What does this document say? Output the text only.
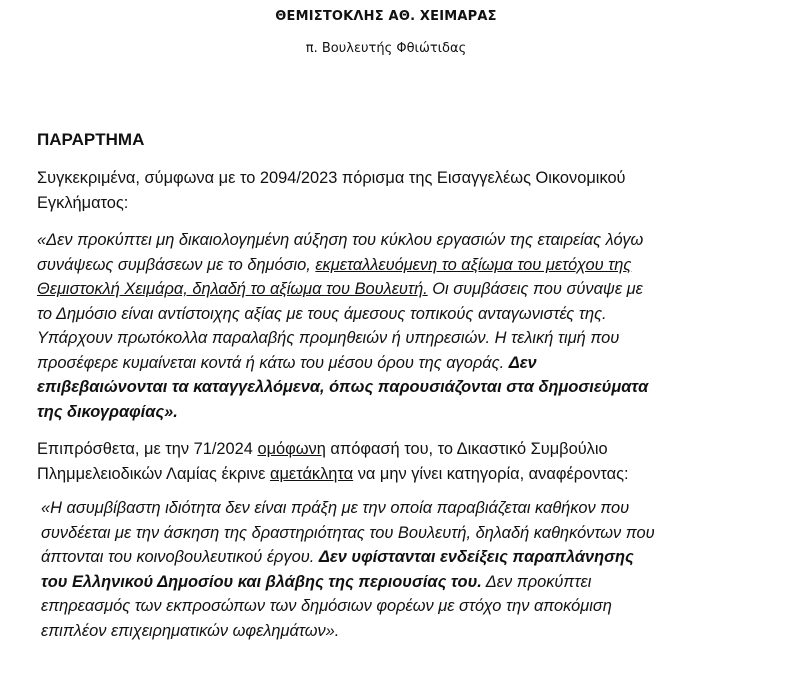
ΘΕΜΙΣΤΟΚΛΗΣ ΑΘ. ΧΕΙΜΑΡΑΣ
π. Βουλευτής Φθιώτιδας
ΠΑΡΑΡΤΗΜΑ
Συγκεκριμένα, σύμφωνα με το 2094/2023 πόρισμα της Εισαγγελέως Οικονομικού
Εγκλήματος:
«Δεν προκύπτει μη δικαιολογημένη αύξηση του κύκλου εργασιών της εταιρείας λόγω
συνάψεως συμβάσεων με το δημόσιο, εκμεταλλευόμενη το αξίωμα του μετόχου της
Θεμιστοκλή Χειμάρα, δηλαδή το αξίωμα του Βουλευτή. Οι συμβάσεις που σύναψε με
το Δημόσιο είναι αντίστοιχης αξίας με τους άμεσους τοπικούς ανταγωνιστές της.
Υπάρχουν πρωτόκολλα παραλαβής προμηθειών ή υπηρεσιών. Η τελική τιμή που
προσέφερε κυμαίνεται κοντά ή κάτω του μέσου όρου της αγοράς. Δεν
επιβεβαιώνονται τα καταγγελλόμενα, όπως παρουσιάζονται στα δημοσιεύματα
της δικογραφίας».
Επιπρόσθετα, με την 71/2024 ομόφωνη απόφασή του, το Δικαστικό Συμβούλιο
Πλημμελειοδικών Λαμίας έκρινε αμετάκλητα να μην γίνει κατηγορία, αναφέροντας:
«Η ασυμβίβαστη ιδιότητα δεν είναι πράξη με την οποία παραβιάζεται καθήκον που
συνδέεται με την άσκηση της δραστηριότητας του Βουλευτή, δηλαδή καθηκόντων που
άπτονται του κοινοβουλευτικού έργου. Δεν υφίστανται ενδείξεις παραπλάνησης
του Ελληνικού Δημοσίου και βλάβης της περιουσίας του. Δεν προκύπτει
επηρεασμός των εκπροσώπων των δημόσιων φορέων με στόχο την αποκόμιση
επιπλέον επιχειρηματικών ωφελημάτων».
